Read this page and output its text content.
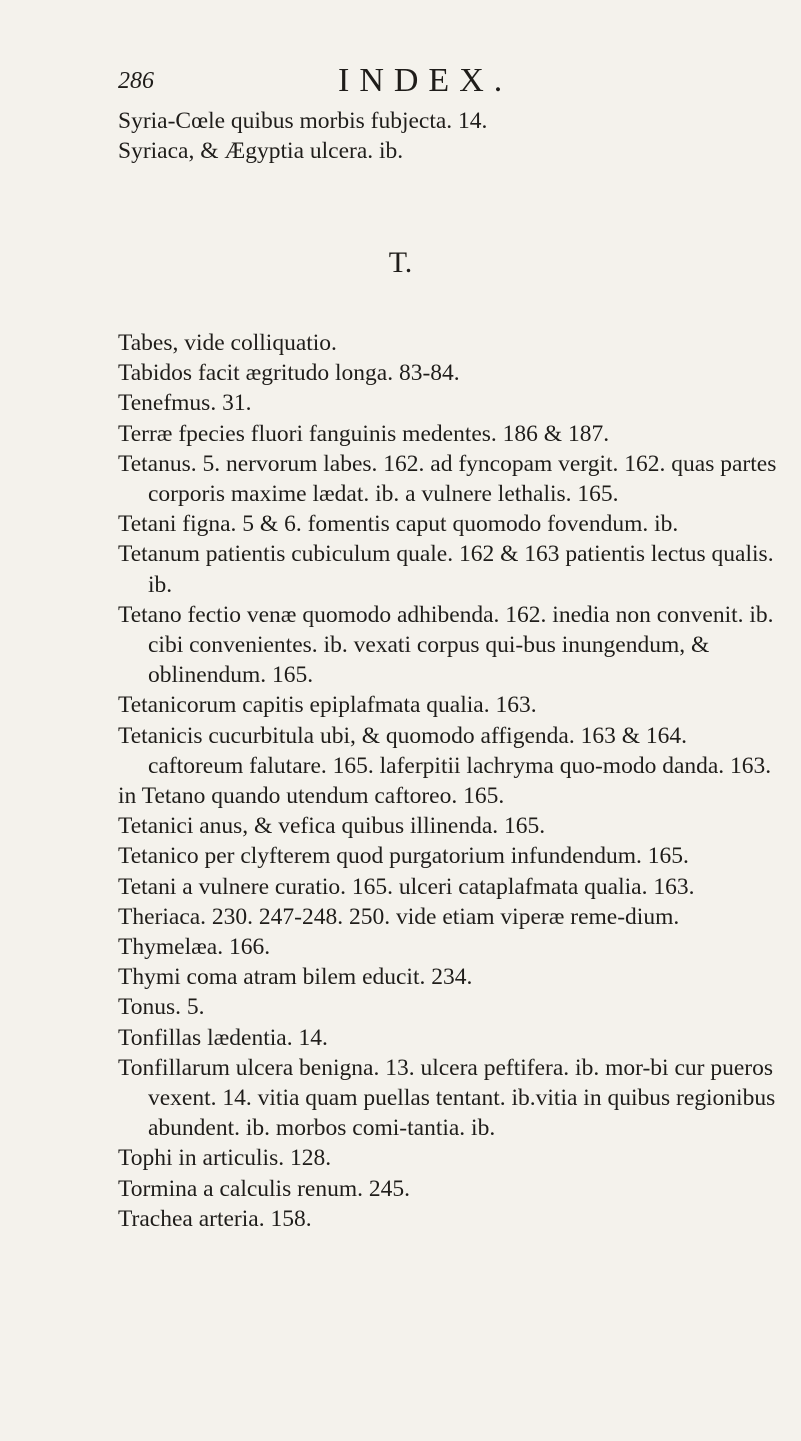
286	INDEX.
Syria-Cœle quibus morbis fubjecta. 14.
Syriaca, & Ægyptia ulcera. ib.
T.
Tabes, vide colliquatio.
Tabidos facit ægritudo longa. 83-84.
Tenefmus. 31.
Terræ fpecies fluori fanguinis medentes. 186 & 187.
Tetanus. 5. nervorum labes. 162. ad fyncopam vergit. 162. quas partes corporis maxime lædat. ib. a vulnere lethalis. 165.
Tetani figna. 5 & 6. fomentis caput quomodo fovendum. ib.
Tetanum patientis cubiculum quale. 162 & 163 patientis lectus qualis. ib.
Tetano fectio venæ quomodo adhibenda. 162. inedia non convenit. ib. cibi convenientes. ib. vexati corpus qui-bus inungendum, & oblinendum. 165.
Tetanicorum capitis epiplafmata qualia. 163.
Tetanicis cucurbitula ubi, & quomodo affigenda. 163 & 164. caftoreum falutare. 165. laferpitii lachryma quo-modo danda. 163.
in Tetano quando utendum caftoreo. 165.
Tetanici anus, & vefica quibus illinenda. 165.
Tetanico per clyfterem quod purgatorium infundendum. 165.
Tetani a vulnere curatio. 165. ulceri cataplafmata qualia. 163.
Theriaca. 230. 247-248. 250. vide etiam viperæ reme-dium.
Thymelæa. 166.
Thymi coma atram bilem educit. 234.
Tonus. 5.
Tonfillas lædentia. 14.
Tonfillarum ulcera benigna. 13. ulcera peftifera. ib. mor-bi cur pueros vexent. 14. vitia quam puellas tentant. ib.vitia in quibus regionibus abundent. ib. morbos comi-tantia. ib.
Tophi in articulis. 128.
Tormina a calculis renum. 245.
Trachea arteria. 158.
